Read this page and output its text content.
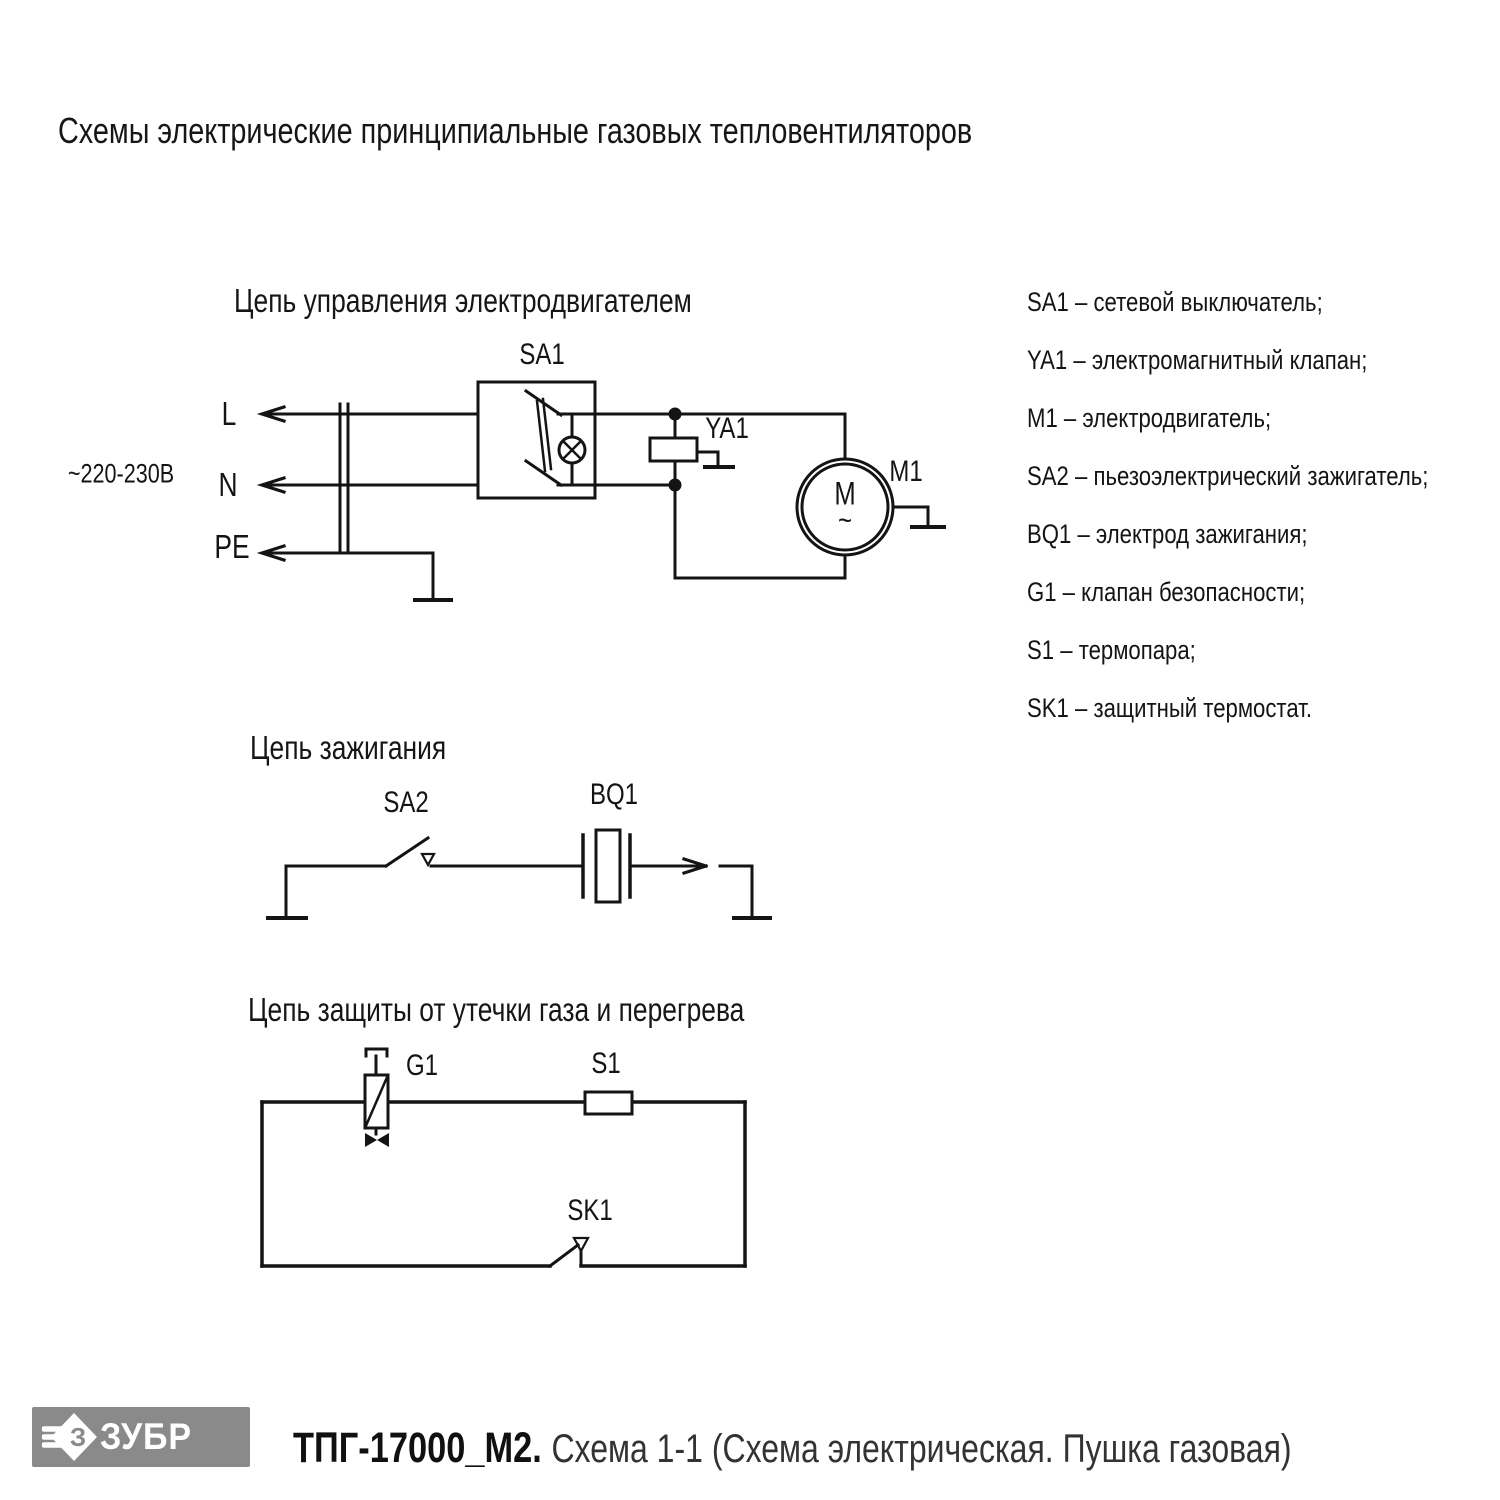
Схемы электрические принципиальные газовых тепловентиляторов
Цепь управления электродвигателем
Цепь зажигания
Цепь защиты от утечки газа и перегрева
L
N
PE
~220-230В
SA1
YA1
M1
M
~
SA2	BQ1
G1	S1
SK1
SA1 – сетевой выключатель;
YA1 – электромагнитный клапан;
M1 – электродвигатель;
SA2 – пьезоэлектрический зажигатель;
BQ1 – электрод зажигания;
G1 – клапан безопасности;
S1 – термопара;
SK1 – защитный термостат.
З ЗУБР ТПГ-17000_М2. Схема 1-1 (Схема электрическая. Пушка газовая)
